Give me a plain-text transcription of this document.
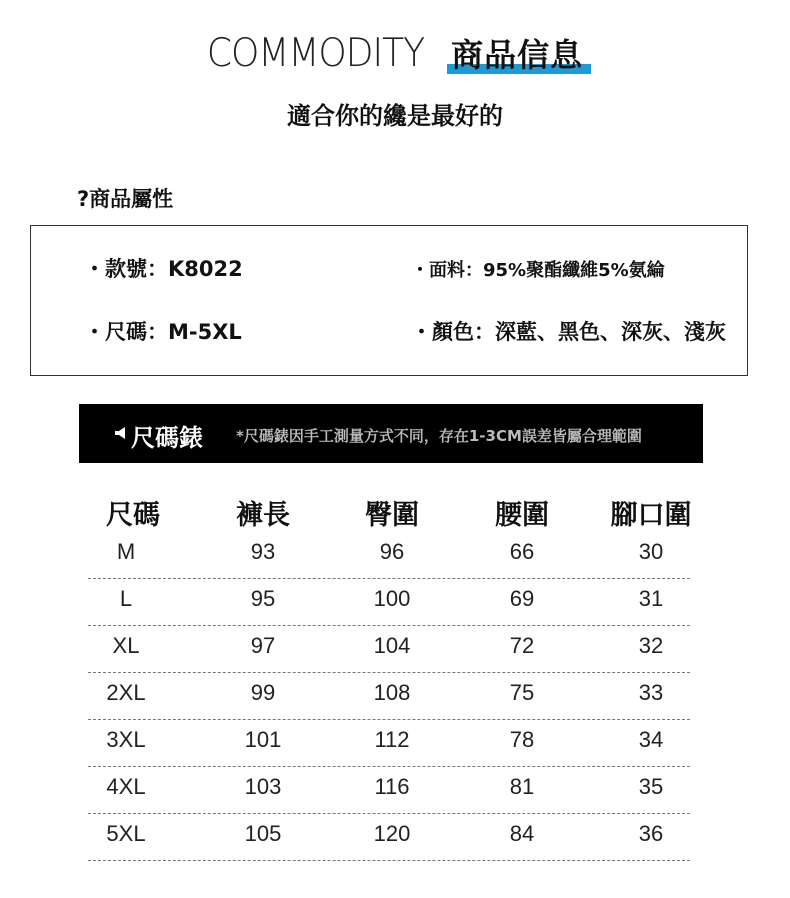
COMMODITY 商品信息
適合你的纔是最好的
?商品屬性
・款號：K8022	・面料：95%聚酯纖維5%氨綸
・尺碼：M-5XL	・顏色：深藍、黑色、深灰、淺灰
尺碼錶 *尺碼錶因手工測量方式不同，存在1-3CM誤差皆屬合理範圍
尺碼	褲長	臀圍	腰圍	腳口圍
M	93	96	66	30
L	95	100	69	31
XL	97	104	72	32
2XL	99	108	75	33
3XL	101	112	78	34
4XL	103	116	81	35
5XL	105	120	84	36
